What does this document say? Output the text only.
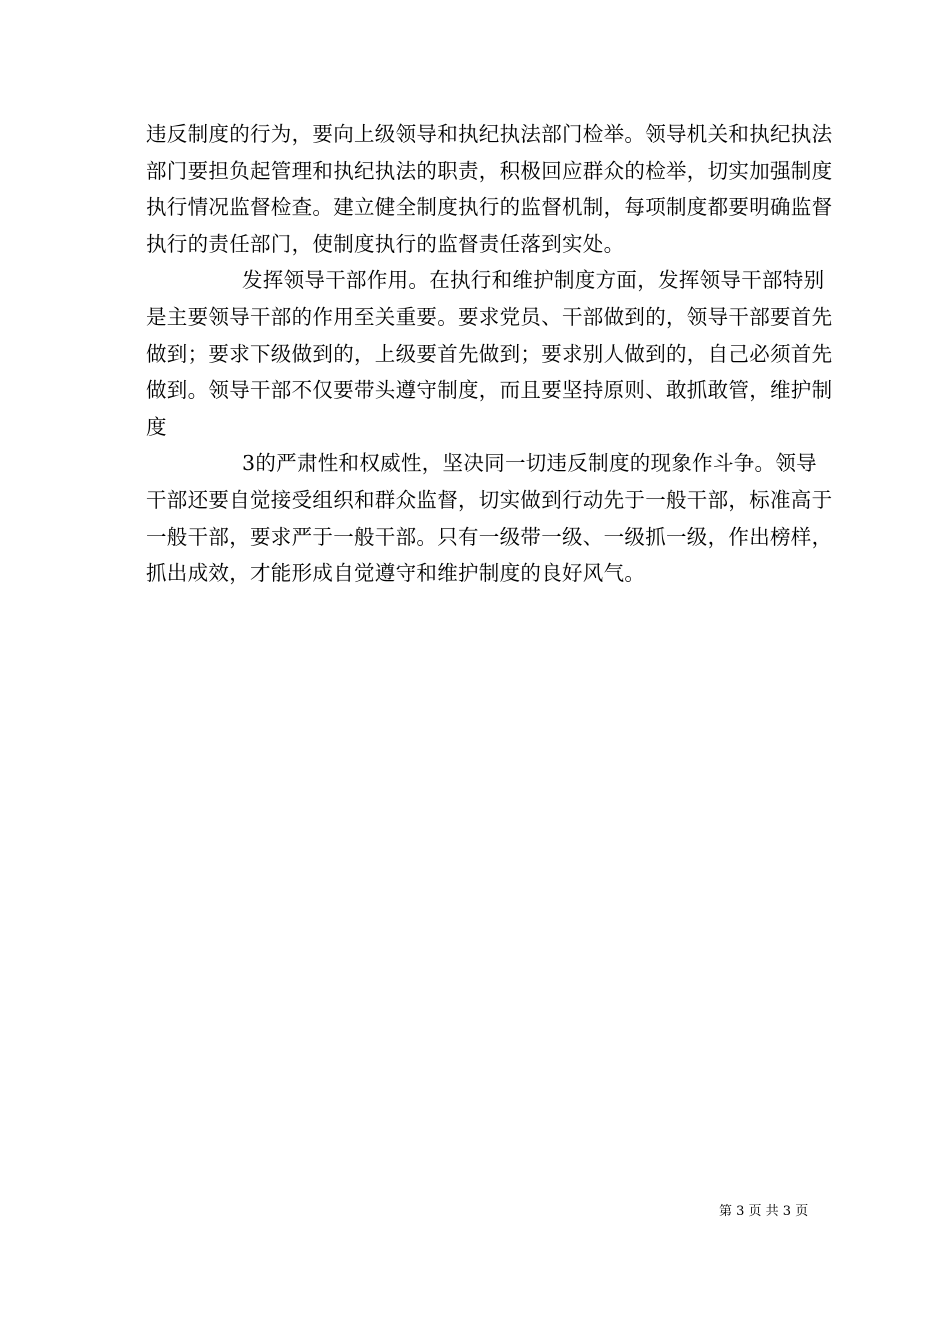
违反制度的行为，要向上级领导和执纪执法部门检举。领导机关和执纪执法部门要担负起管理和执纪执法的职责，积极回应群众的检举，切实加强制度执行情况监督检查。建立健全制度执行的监督机制，每项制度都要明确监督执行的责任部门，使制度执行的监督责任落到实处。

发挥领导干部作用。在执行和维护制度方面，发挥领导干部特别是主要领导干部的作用至关重要。要求党员、干部做到的，领导干部要首先做到；要求下级做到的，上级要首先做到；要求别人做到的，自己必须首先做到。领导干部不仅要带头遵守制度，而且要坚持原则、敢抓敢管，维护制度

3的严肃性和权威性，坚决同一切违反制度的现象作斗争。领导干部还要自觉接受组织和群众监督，切实做到行动先于一般干部，标准高于一般干部，要求严于一般干部。只有一级带一级、一级抓一级，作出榜样，抓出成效，才能形成自觉遵守和维护制度的良好风气。

第 3 页 共 3 页
